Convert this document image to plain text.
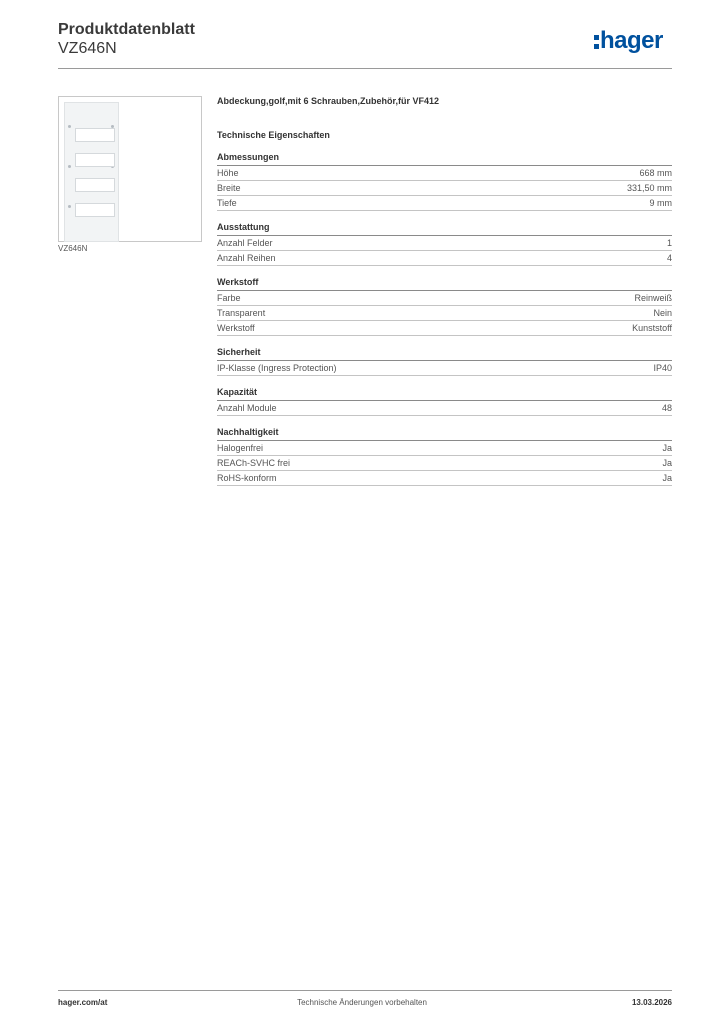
Produktdatenblatt
VZ646N	hager
VZ646N
Abdeckung,golf,mit 6 Schrauben,Zubehör,für VF412
Technische Eigenschaften
Abmessungen
Höhe	668 mm
Breite	331,50 mm
Tiefe	9 mm
Ausstattung
Anzahl Felder	1
Anzahl Reihen	4
Werkstoff
Farbe	Reinweiß
Transparent	Nein
Werkstoff	Kunststoff
Sicherheit
IP-Klasse (Ingress Protection)	IP40
Kapazität
Anzahl Module	48
Nachhaltigkeit
Halogenfrei	Ja
REACh-SVHC frei	Ja
RoHS-konform	Ja
hager.com/at	Technische Änderungen vorbehalten	13.03.2026
